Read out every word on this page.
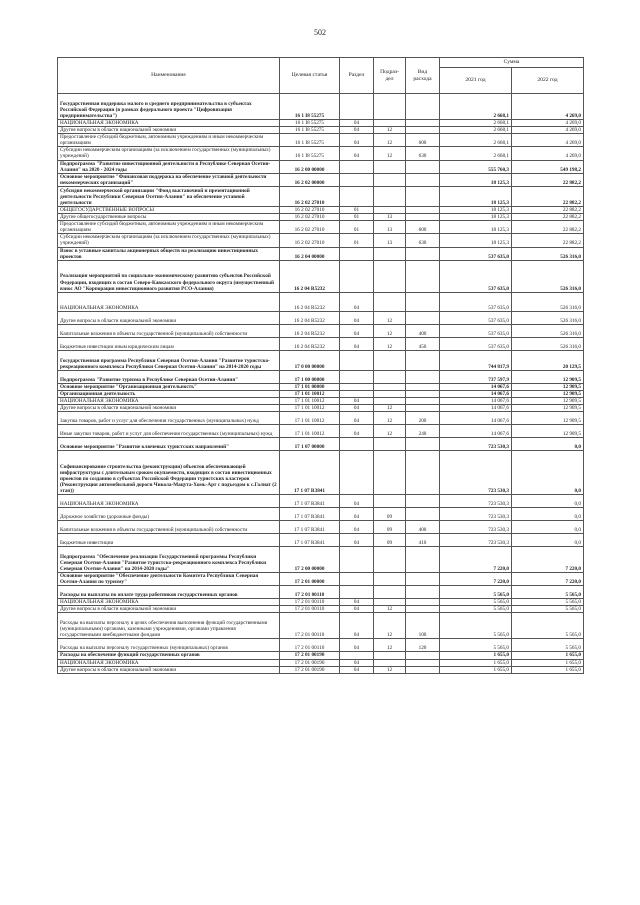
502
Наименование	Целевая статья	Раздел	Подраз- дел	Вид расхода	Сумма	
					2021 год	2022 год
Государственная поддержка малого и среднего предпринимательства в субъектах Российской Федерации (в рамках федерального проекта "Цифровизация предпринимательства")	16 1 I8 55275				2 668,1	4 269,0
НАЦИОНАЛЬНАЯ ЭКОНОМИКА	16 1 I8 55275	04			2 668,1	4 269,0
Другие вопросы в области национальной экономики	16 1 I8 55275	04	12		2 668,1	4 269,0
Предоставление субсидий бюджетным, автономным учреждениям и иным некоммерческим организациям	16 1 I8 55275	04	12	600	2 668,1	4 269,0
Субсидии некоммерческим организациям (за исключением государственных (муниципальных) учреждений)	16 1 I8 55275	04	12	630	2 668,1	4 269,0
Подпрограмма "Развитие инвестиционной деятельности в Республике Северная Осетия-Алания" на 2020 - 2024 годы	16 2 00 00000				555 760,3	549 198,2
Основное мероприятие "Финансовая поддержка на обеспечение уставной деятельности некоммерческих организаций"	16 2 02 00000				18 125,3	22 882,2
Субсидия некоммерческой организации "Фонд выставочной и презентационной деятельности Республики Северная Осетия-Алания" на обеспечение уставной деятельности	16 2 02 27010				18 125,3	22 882,2
ОБЩЕГОСУДАРСТВЕННЫЕ ВОПРОСЫ	16 2 02 27010	01			18 125,3	22 882,2
Другие общегосударственные вопросы	16 2 02 27010	01	13		18 125,3	22 882,2
Предоставление субсидий бюджетным, автономным учреждениям и иным некоммерческим организациям	16 2 02 27010	01	13	600	18 125,3	22 882,2
Субсидии некоммерческим организациям (за исключением государственных (муниципальных) учреждений)	16 2 02 27010	01	13	630	18 125,3	22 882,2
Взнос в уставные капиталы акционерных обществ на реализацию инвестиционных проектов	16 2 04 00000				537 635,0	526 316,0
Реализация мероприятий по социально-экономическому развитию субъектов Российской Федерации, входящих в состав Северо-Кавказского федерального округа (имущественный взнос АО "Корпорация инвестиционного развития РСО-Алания)	16 2 04 R5232				537 635,0	526 316,0
НАЦИОНАЛЬНАЯ ЭКОНОМИКА	16 2 04 R5232	04			537 635,0	526 316,0
Другие вопросы в области национальной экономики	16 2 04 R5232	04	12		537 635,0	526 316,0
Капитальные вложения в объекты государственной (муниципальной) собственности	16 2 04 R5232	04	12	400	537 635,0	526 316,0
Бюджетные инвестиции иным юридическим лицам	16 2 04 R5232	04	12	450	537 635,0	526 316,0
Государственная программа Республики Северная Осетия-Алания "Развитие туристско-рекреационного комплекса Республики Северная Осетия-Алания" на 2014-2020 годы	17 0 00 00000				744 817,9	20 129,5
Подпрограмма "Развитие туризма в Республике Северная Осетия-Алания"	17 1 00 00000				737 597,9	12 909,5
Основное мероприятие "Организационная деятельность"	17 1 01 00000				14 067,6	12 909,5
Организационная деятельность	17 1 01 10012				14 067,6	12 909,5
НАЦИОНАЛЬНАЯ ЭКОНОМИКА	17 1 01 10012	04			14 067,6	12 909,5
Другие вопросы в области национальной экономики	17 1 01 10012	04	12		14 067,6	12 909,5
Закупка товаров, работ и услуг для обеспечения государственных (муниципальных) нужд	17 1 01 10012	04	12	200	14 067,6	12 909,5
Иные закупки товаров, работ и услуг для обеспечения государственных (муниципальных) нужд	17 1 01 10012	04	12	240	14 067,6	12 909,5
Основное мероприятие "Развитие ключевых туристских направлений"	17 1 07 00000				723 530,3	0,0
Софинансирование строительства (реконструкции) объектов обеспечивающей инфраструктуры с длительным сроком окупаемости, входящих в состав инвестиционных проектов по созданию в субъектах Российской Федерации туристских кластеров (Реконструкция автомобильной дороги Чикола-Мацута-Хомь-Арт с подъездом к с.Галиат (2 этап))	17 1 07 R3841				723 530,3	0,0
НАЦИОНАЛЬНАЯ ЭКОНОМИКА	17 1 07 R3841	04			723 530,3	0,0
Дорожное хозяйство (дорожные фонды)	17 1 07 R3841	04	09		723 530,3	0,0
Капитальные вложения в объекты государственной (муниципальной) собственности	17 1 07 R3841	04	09	400	723 530,3	0,0
Бюджетные инвестиции	17 1 07 R3841	04	09	410	723 530,3	0,0
Подпрограмма "Обеспечение реализации Государственной программы Республики Северная Осетия-Алания "Развитие туристско-рекреационного комплекса Республики Северная Осетия-Алания" на 2014-2020 годы"	17 2 00 00000				7 220,0	7 220,0
Основное мероприятие "Обеспечение деятельности Комитета Республики Северная Осетия-Алания по туризму"	17 2 01 00000				7 220,0	7 220,0
Расходы на выплаты по оплате труда работников государственных органов	17 2 01 00110				5 565,0	5 565,0
НАЦИОНАЛЬНАЯ ЭКОНОМИКА	17 2 01 00110	04			5 565,0	5 565,0
Другие вопросы в области национальной экономики	17 2 01 00110	04	12		5 565,0	5 565,0
Расходы на выплаты персоналу в целях обеспечения выполнения функций государственными (муниципальными) органами, казенными учреждениями, органами управления государственными внебюджетными фондами	17 2 01 00110	04	12	100	5 565,0	5 565,0
Расходы на выплаты персоналу государственных (муниципальных) органов	17 2 01 00110	04	12	120	5 565,0	5 565,0
Расходы на обеспечение функций государственных органов	17 2 01 00190				1 655,0	1 655,0
НАЦИОНАЛЬНАЯ ЭКОНОМИКА	17 2 01 00190	04			1 655,0	1 655,0
Другие вопросы в области национальной экономики	17 2 01 00190	04	12		1 655,0	1 655,0
